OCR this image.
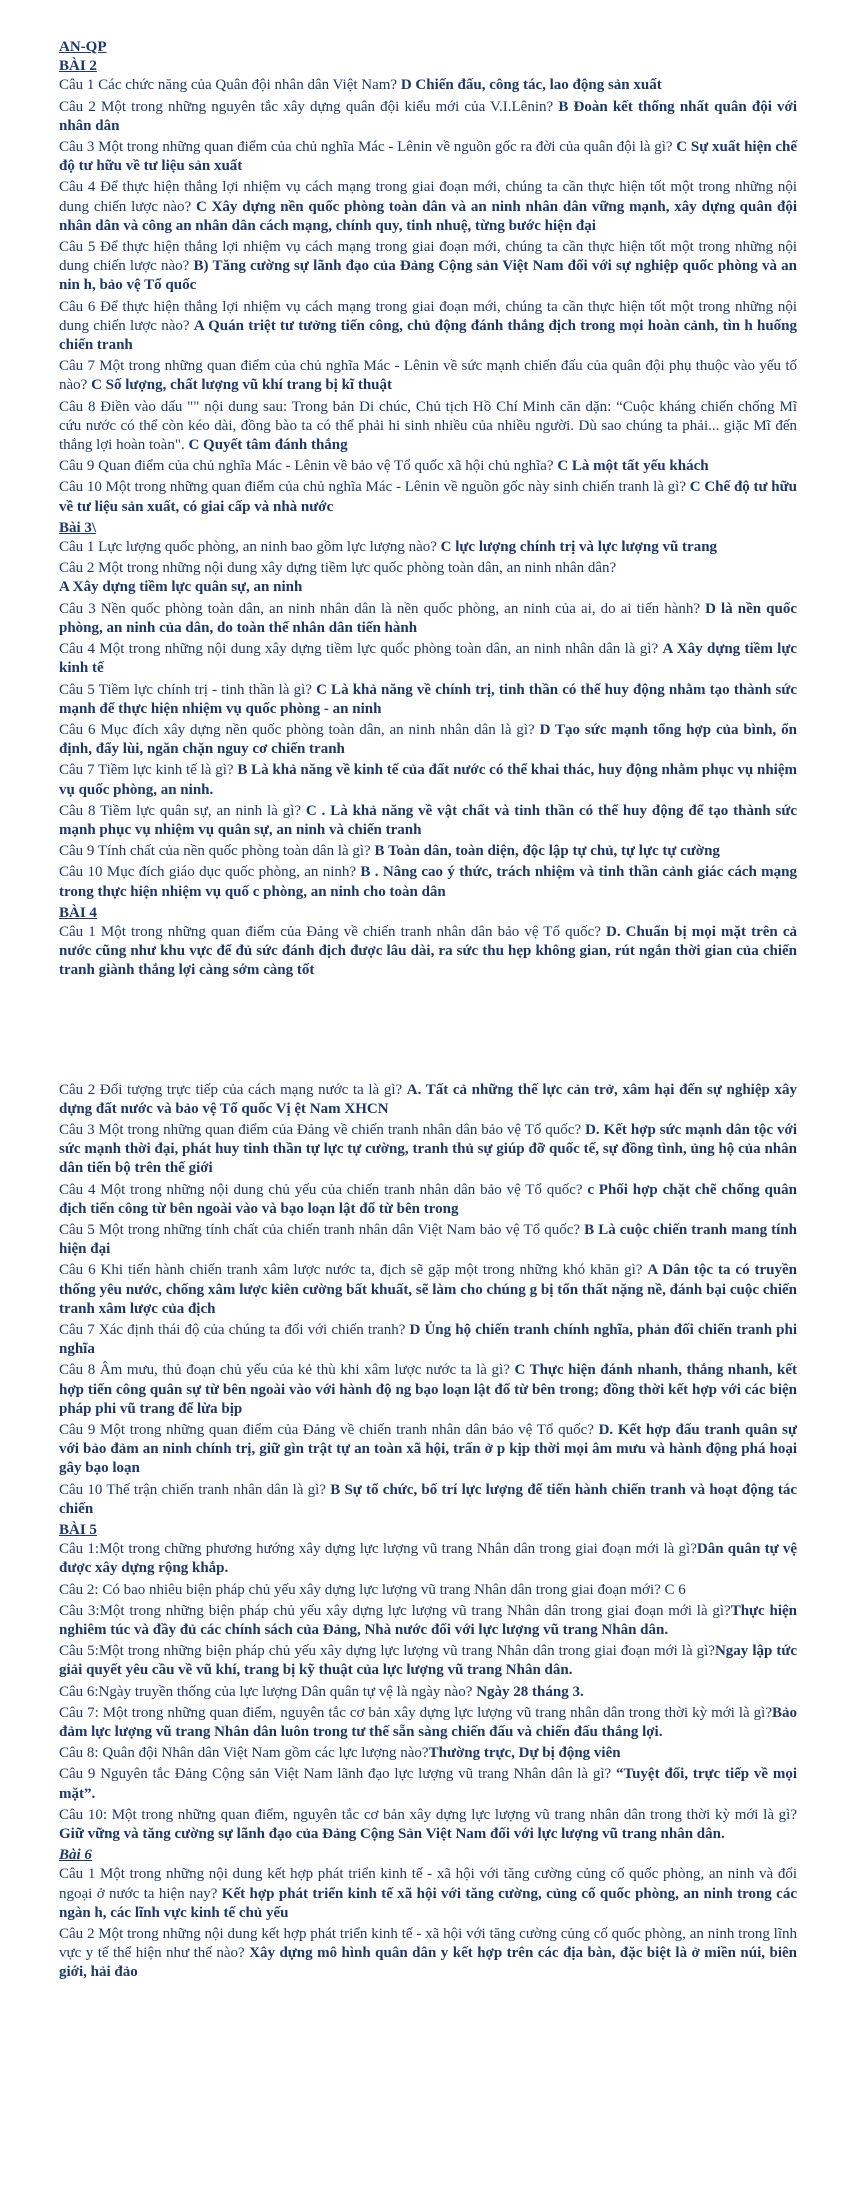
AN-QP

BÀI 2

Câu 1 Các chức năng của Quân đội nhân dân Việt Nam? D Chiến đấu, công tác, lao động sản xuất

Câu 2 Một trong những nguyên tắc xây dựng quân đội kiểu mới của V.I.Lênin? B Đoàn kết thống nhất quân đội với nhân dân

Câu 3 Một trong những quan điểm của chủ nghĩa Mác - Lênin về nguồn gốc ra đời của quân đội là gì? C Sự xuất hiện chế độ tư hữu về tư liệu sản xuất

Câu 4 Để thực hiện thắng lợi nhiệm vụ cách mạng trong giai đoạn mới, chúng ta cần thực hiện tốt một trong những nội dung chiến lược nào? C Xây dựng nền quốc phòng toàn dân và an ninh nhân dân vững mạnh, xây dựng quân đội nhân dân và công an nhân dân cách mạng, chính quy, tinh nhuệ, từng bước hiện đại

Câu 5 Để thực hiện thắng lợi nhiệm vụ cách mạng trong giai đoạn mới, chúng ta cần thực hiện tốt một trong những nội dung chiến lược nào? B) Tăng cường sự lãnh đạo của Đảng Cộng sản Việt Nam đối với sự nghiệp quốc phòng và an nin h, bảo vệ Tổ quốc

Câu 6 Để thực hiện thắng lợi nhiệm vụ cách mạng trong giai đoạn mới, chúng ta cần thực hiện tốt một trong những nội dung chiến lược nào? A Quán triệt tư tưởng tiến công, chủ động đánh thắng địch trong mọi hoàn cảnh, tìn h huống chiến tranh

Câu 7 Một trong những quan điểm của chủ nghĩa Mác - Lênin về sức mạnh chiến đấu của quân đội phụ thuộc vào yếu tố nào? C Số lượng, chất lượng vũ khí trang bị kĩ thuật

Câu 8 Điền vào dấu "" nội dung sau: Trong bản Di chúc, Chủ tịch Hồ Chí Minh căn dặn: “Cuộc kháng chiến chống Mĩ cứu nước có thể còn kéo dài, đồng bào ta có thể phải hi sinh nhiều của nhiều người. Dù sao chúng ta phải... giặc Mĩ đến thắng lợi hoàn toàn". C Quyết tâm đánh thắng

Câu 9 Quan điểm của chủ nghĩa Mác - Lênin về bảo vệ Tổ quốc xã hội chủ nghĩa? C Là một tất yếu khách

Câu 10 Một trong những quan điểm của chủ nghĩa Mác - Lênin về nguồn gốc này sinh chiến tranh là gì? C Chế độ tư hữu về tư liệu sản xuất, có giai cấp và nhà nước

Bài 3\

Câu 1 Lực lượng quốc phòng, an ninh bao gồm lực lượng nào? C lực lượng chính trị và lực lượng vũ trang

Câu 2 Một trong những nội dung xây dựng tiềm lực quốc phòng toàn dân, an ninh nhân dân?
A Xây dựng tiềm lực quân sự, an ninh

Câu 3 Nền quốc phòng toàn dân, an ninh nhân dân là nền quốc phòng, an ninh của ai, do ai tiến hành? D là nền quốc phòng, an ninh của dân, do toàn thể nhân dân tiến hành

Câu 4 Một trong những nội dung xây dựng tiềm lực quốc phòng toàn dân, an ninh nhân dân là gì? A Xây dựng tiềm lực kinh tế

Câu 5 Tiềm lực chính trị - tinh thần là gì? C Là khả năng về chính trị, tinh thần có thể huy động nhằm tạo thành sức mạnh để thực hiện nhiệm vụ quốc phòng - an ninh

Câu 6 Mục đích xây dựng nền quốc phòng toàn dân, an ninh nhân dân là gì? D Tạo sức mạnh tổng hợp của bình, ổn định, đẩy lùi, ngăn chặn nguy cơ chiến tranh

Câu 7 Tiềm lực kinh tế là gì? B Là khả năng về kinh tế của đất nước có thể khai thác, huy động nhằm phục vụ nhiệm vụ quốc phòng, an ninh.

Câu 8 Tiềm lực quân sự, an ninh là gì? C . Là khả năng về vật chất và tinh thần có thể huy động để tạo thành sức mạnh phục vụ nhiệm vụ quân sự, an ninh và chiến tranh

Câu 9 Tính chất của nền quốc phòng toàn dân là gì? B Toàn dân, toàn diện, độc lập tự chủ, tự lực tự cường

Câu 10 Mục đích giáo dục quốc phòng, an ninh? B . Nâng cao ý thức, trách nhiệm và tinh thần cảnh giác cách mạng trong thực hiện nhiệm vụ quố c phòng, an ninh cho toàn dân

BÀI 4

Câu 1 Một trong những quan điểm của Đảng về chiến tranh nhân dân bảo vệ Tổ quốc? D. Chuẩn bị mọi mặt trên cả nước cũng như khu vực để đủ sức đánh địch được lâu dài, ra sức thu hẹp không gian, rút ngắn thời gian của chiến tranh giành thắng lợi càng sớm càng tốt

Câu 2 Đối tượng trực tiếp của cách mạng nước ta là gì? A. Tất cả những thế lực cản trở, xâm hại đến sự nghiệp xây dựng đất nước và bảo vệ Tổ quốc Vị ệt Nam XHCN

Câu 3 Một trong những quan điểm của Đảng về chiến tranh nhân dân bảo vệ Tổ quốc? D. Kết hợp sức mạnh dân tộc với sức mạnh thời đại, phát huy tinh thần tự lực tự cường, tranh thủ sự giúp đỡ quốc tế, sự đồng tình, ủng hộ của nhân dân tiến bộ trên thế giới

Câu 4 Một trong những nội dung chủ yếu của chiến tranh nhân dân bảo vệ Tổ quốc? c Phối hợp chặt chẽ chống quân địch tiến công từ bên ngoài vào và bạo loạn lật đổ từ bên trong

Câu 5 Một trong những tính chất của chiến tranh nhân dân Việt Nam bảo vệ Tổ quốc? B Là cuộc chiến tranh mang tính hiện đại

Câu 6 Khi tiến hành chiến tranh xâm lược nước ta, địch sẽ gặp một trong những khó khăn gì? A Dân tộc ta có truyền thống yêu nước, chống xâm lược kiên cường bất khuất, sẽ làm cho chúng g bị tổn thất nặng nề, đánh bại cuộc chiến tranh xâm lược của địch

Câu 7 Xác định thái độ của chúng ta đối với chiến tranh? D Ủng hộ chiến tranh chính nghĩa, phản đối chiến tranh phi nghĩa

Câu 8 Âm mưu, thủ đoạn chủ yếu của kẻ thù khi xâm lược nước ta là gì? C Thực hiện đánh nhanh, thắng nhanh, kết hợp tiến công quân sự từ bên ngoài vào với hành độ ng bạo loạn lật đổ từ bên trong; đồng thời kết hợp với các biện pháp phi vũ trang để lừa bịp

Câu 9 Một trong những quan điểm của Đảng về chiến tranh nhân dân bảo vệ Tổ quốc? D. Kết hợp đấu tranh quân sự với bảo đảm an ninh chính trị, giữ gìn trật tự an toàn xã hội, trấn ở p kịp thời mọi âm mưu và hành động phá hoại gây bạo loạn

Câu 10 Thế trận chiến tranh nhân dân là gì? B Sự tổ chức, bố trí lực lượng để tiến hành chiến tranh và hoạt động tác chiến

BÀI 5

Câu 1:Một trong chững phương hướng xây dựng lực lượng vũ trang Nhân dân trong giai đoạn mới là gì?Dân quân tự vệ được xây dựng rộng khắp.

Câu 2: Có bao nhiêu biện pháp chủ yếu xây dựng lực lượng vũ trang Nhân dân trong giai đoạn mới? C 6

Câu 3:Một trong những biện pháp chủ yếu xây dựng lực lượng vũ trang Nhân dân trong giai đoạn mới là gì?Thực hiện nghiêm túc và đầy đủ các chính sách của Đảng, Nhà nước đối với lực lượng vũ trang Nhân dân.

Câu 5:Một trong những biện pháp chủ yếu xây dựng lực lượng vũ trang Nhân dân trong giai đoạn mới là gì?Ngay lập tức giải quyết yêu cầu về vũ khí, trang bị kỹ thuật của lực lượng vũ trang Nhân dân.

Câu 6:Ngày truyền thống của lực lượng Dân quân tự vệ là ngày nào? Ngày 28 tháng 3.

Câu 7: Một trong những quan điểm, nguyên tắc cơ bản xây dựng lực lượng vũ trang nhân dân trong thời kỳ mới là gì?Bảo đảm lực lượng vũ trang Nhân dân luôn trong tư thế sẵn sàng chiến đấu và chiến đấu thắng lợi.

Câu 8: Quân đội Nhân dân Việt Nam gồm các lực lượng nào?Thường trực, Dự bị động viên

Câu 9 Nguyên tắc Đảng Cộng sản Việt Nam lãnh đạo lực lượng vũ trang Nhân dân là gì? “Tuyệt đối, trực tiếp về mọi mặt”.

Câu 10: Một trong những quan điểm, nguyên tắc cơ bản xây dựng lực lượng vũ trang nhân dân trong thời kỳ mới là gì?Giữ vững và tăng cường sự lãnh đạo của Đảng Cộng Sản Việt Nam đối với lực lượng vũ trang nhân dân.

Bài 6

Câu 1 Một trong những nội dung kết hợp phát triển kinh tế - xã hội với tăng cường củng cố quốc phòng, an ninh và đối ngoại ở nước ta hiện nay? Kết hợp phát triển kinh tế xã hội với tăng cường, củng cố quốc phòng, an ninh trong các ngàn h, các lĩnh vực kinh tế chủ yếu

Câu 2 Một trong những nội dung kết hợp phát triển kinh tế - xã hội với tăng cường củng cố quốc phòng, an ninh trong lĩnh vực y tế thể hiện như thế nào? Xây dựng mô hình quân dân y kết hợp trên các địa bàn, đặc biệt là ở miền núi, biên giới, hải đảo
